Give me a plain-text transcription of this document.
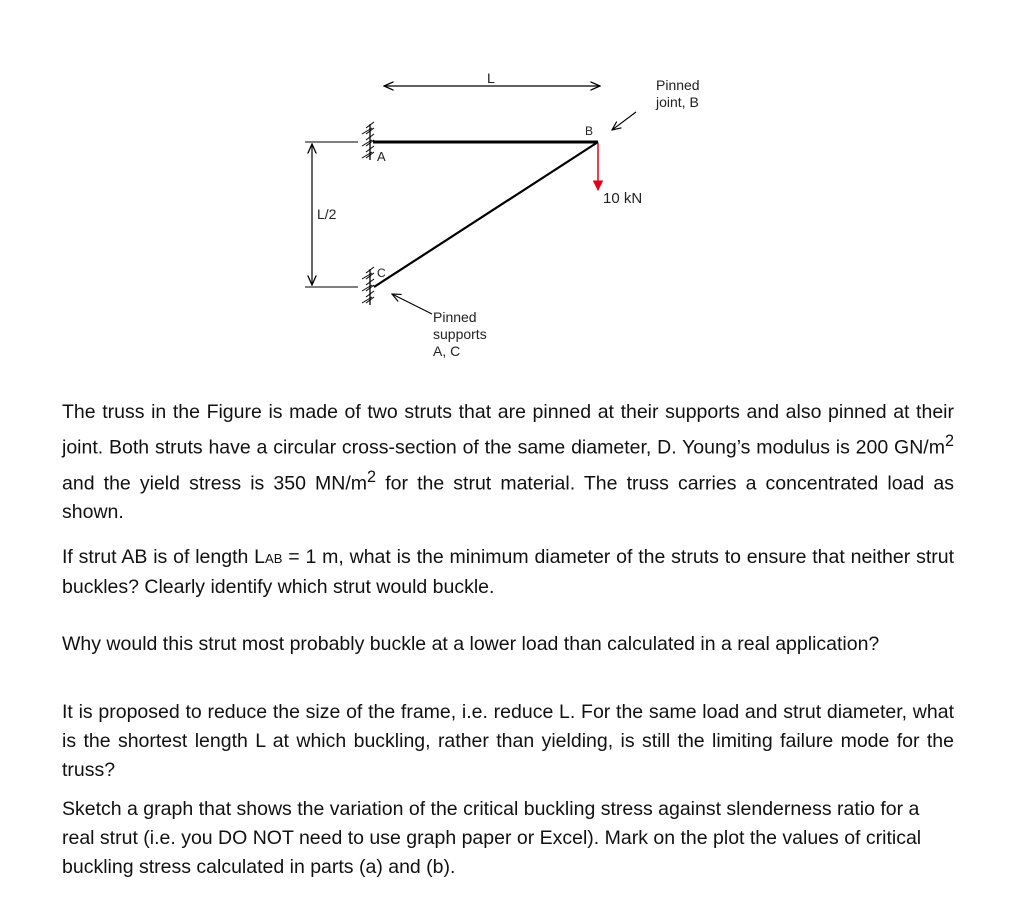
L
L/2
Pinned
joint, B
B
A
C
10 kN
Pinned
supports
A, C

The truss in the Figure is made of two struts that are pinned at their supports and also pinned at their joint. Both struts have a circular cross-section of the same diameter, D. Young’s modulus is 200 $GN/m^2$ and the yield stress is 350 $MN/m^2$ for the strut material. The truss carries a concentrated load as shown.

If strut AB is of length LAB = 1 m, what is the minimum diameter of the struts to ensure that neither strut buckles? Clearly identify which strut would buckle.

Why would this strut most probably buckle at a lower load than calculated in a real application?

It is proposed to reduce the size of the frame, i.e. reduce L. For the same load and strut diameter, what is the shortest length L at which buckling, rather than yielding, is still the limiting failure mode for the truss?

Sketch a graph that shows the variation of the critical buckling stress against slenderness ratio for a real strut (i.e. you DO NOT need to use graph paper or Excel). Mark on the plot the values of critical buckling stress calculated in parts (a) and (b).
